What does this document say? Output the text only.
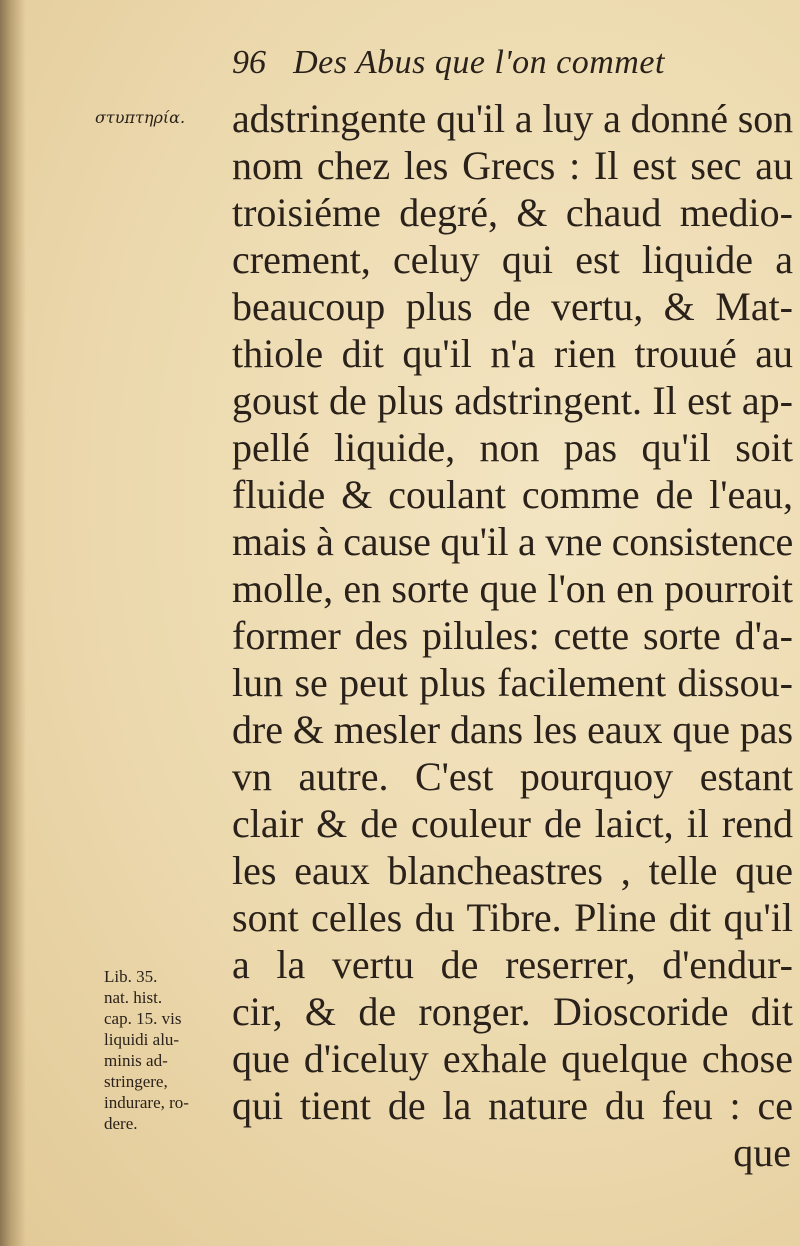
96 Des Abus que l'on commet
στυπτηρία. adstringente qu'il a luy a donné son
nom chez les Grecs : Il est sec au
troisiéme degré, & chaud medio-
crement, celuy qui est liquide a
beaucoup plus de vertu, & Mat-
thiole dit qu'il n'a rien trouué au
goust de plus adstringent. Il est ap-
pellé liquide, non pas qu'il soit
fluide & coulant comme de l'eau,
mais à cause qu'il a vne consistence
molle, en sorte que l'on en pourroit
former des pilules: cette sorte d'a-
lun se peut plus facilement dissou-
dre & mesler dans les eaux que pas
vn autre. C'est pourquoy estant
clair & de couleur de laict, il rend
les eaux blancheastres , telle que
sont celles du Tibre. Pline dit qu'il
a la vertu de reserrer, d'endur-
cir, & de ronger. Dioscoride dit
que d'iceluy exhale quelque chose
qui tient de la nature du feu : ce
que
Lib. 35.
nat. hist.
cap. 15. vis
liquidi alu-
minis ad-
stringere,
indurare, ro-
dere.
